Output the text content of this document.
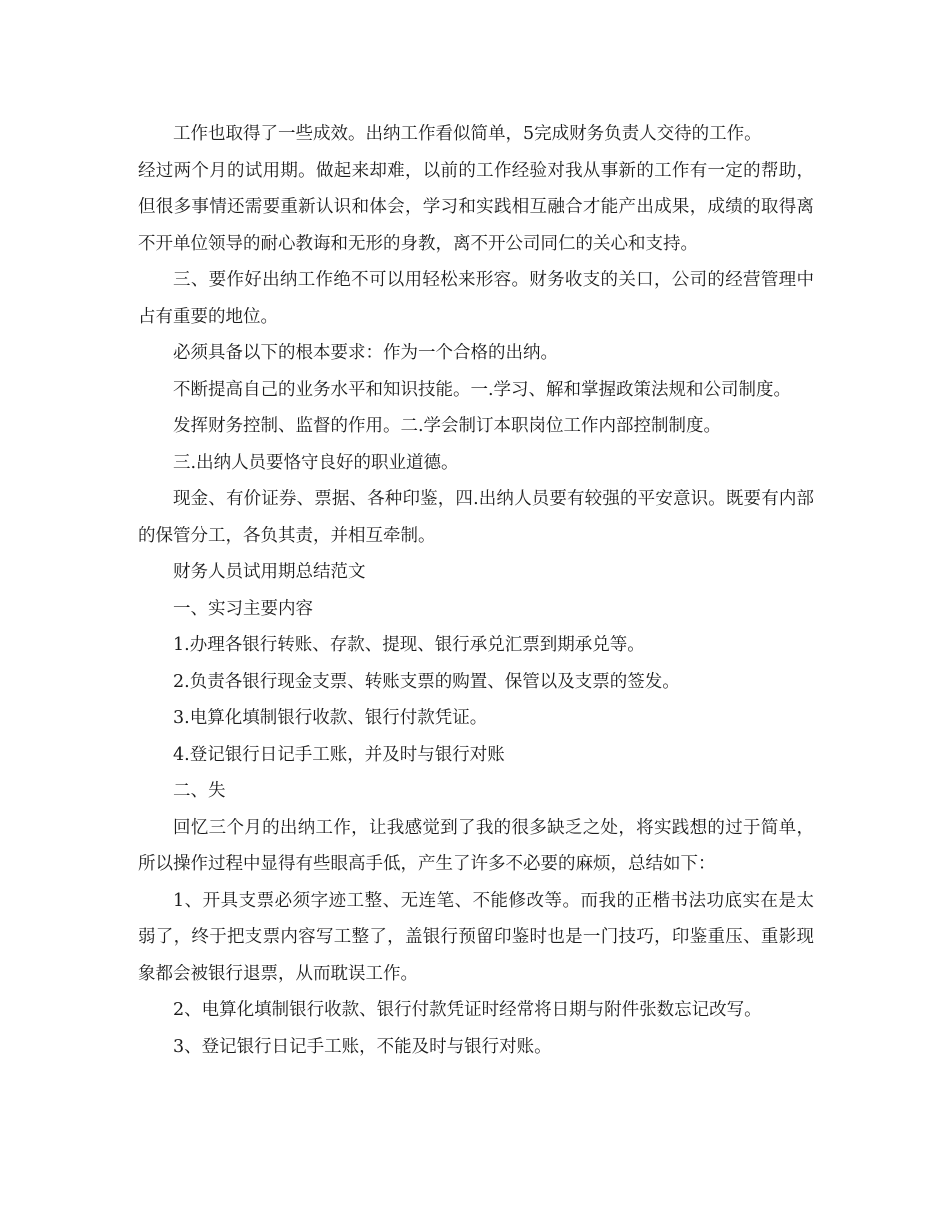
工作也取得了一些成效。出纳工作看似简单，5完成财务负责人交待的工作。

经过两个月的试用期。做起来却难，以前的工作经验对我从事新的工作有一定的帮助，但很多事情还需要重新认识和体会，学习和实践相互融合才能产出成果，成绩的取得离不开单位领导的耐心教诲和无形的身教，离不开公司同仁的关心和支持。

三、要作好出纳工作绝不可以用轻松来形容。财务收支的关口，公司的经营管理中占有重要的地位。

必须具备以下的根本要求：作为一个合格的出纳。

不断提高自己的业务水平和知识技能。一.学习、解和掌握政策法规和公司制度。

发挥财务控制、监督的作用。二.学会制订本职岗位工作内部控制制度。

三.出纳人员要恪守良好的职业道德。

现金、有价证券、票据、各种印鉴，四.出纳人员要有较强的平安意识。既要有内部的保管分工，各负其责，并相互牵制。

财务人员试用期总结范文

一、实习主要内容

1.办理各银行转账、存款、提现、银行承兑汇票到期承兑等。

2.负责各银行现金支票、转账支票的购置、保管以及支票的签发。

3.电算化填制银行收款、银行付款凭证。

4.登记银行日记手工账，并及时与银行对账

二、失

回忆三个月的出纳工作，让我感觉到了我的很多缺乏之处，将实践想的过于简单，所以操作过程中显得有些眼高手低，产生了许多不必要的麻烦，总结如下：

1、开具支票必须字迹工整、无连笔、不能修改等。而我的正楷书法功底实在是太弱了，终于把支票内容写工整了，盖银行预留印鉴时也是一门技巧，印鉴重压、重影现象都会被银行退票，从而耽误工作。

2、电算化填制银行收款、银行付款凭证时经常将日期与附件张数忘记改写。

3、登记银行日记手工账，不能及时与银行对账。
